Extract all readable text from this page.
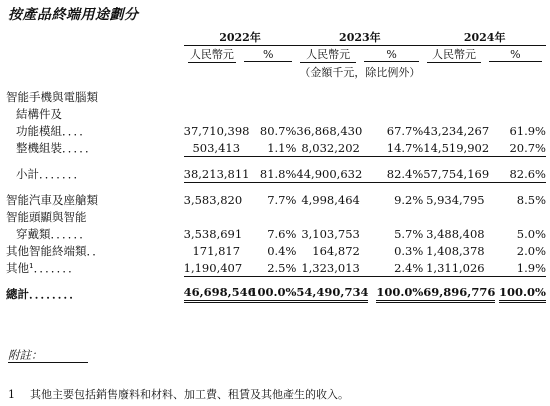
按產品終端用途劃分
	2022年		2023年		2024年	

	人民幣元	%	人民幣元	%	人民幣元	%

			（金額千元，除比例外）			

智能手機與電腦類						
結構件及						
功能模組．．．．	37,710,398	80.7%	36,868,430	67.7%	43,234,267	61.9%
整機組裝．．．．．	503,413	1.1%	8,032,202	14.7%	14,519,902	20.7%

小計．．．．．．．	38,213,811	81.8%	44,900,632	82.4%	57,754,169	82.6%

智能汽車及座艙類	3,583,820	7.7%	4,998,464	9.2%	5,934,795	8.5%
智能頭顯與智能						
穿戴類．．．．．．	3,538,691	7.6%	3,103,753	5.7%	3,488,408	5.0%
其他智能終端類．．	171,817	0.4%	164,872	0.3%	1,408,378	2.0%
其他¹．．．．．．．	1,190,407	2.5%	1,323,013	2.4%	1,311,026	1.9%

總計．．．．．．．．	46,698,546	100.0%	54,490,734	100.0%	69,896,776	100.0%
附註：
1 其他主要包括銷售廢料和材料、加工費、租賃及其他產生的收入。
